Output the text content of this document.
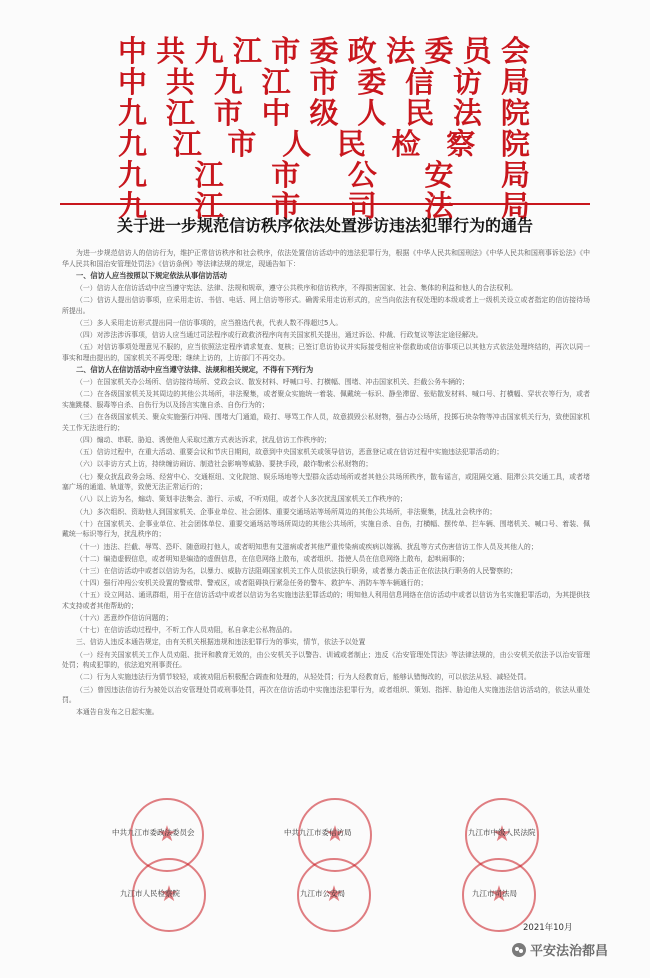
中 共 九 江 市 委 政 法 委 员 会
中 共 九 江 市 委 信 访 局
九 江 市 中 级 人 民 法 院
九 江 市 人 民 检 察 院
九 江 市 公 安 局
九 江 市 司 法 局
关于进一步规范信访秩序依法处置涉访违法犯罪行为的通告

为进一步规范信访人的信访行为，维护正常信访秩序和社会秩序，依法处置信访活动中的违法犯罪行为，根据《中华人民共和国刑法》《中华人民共和国刑事诉讼法》《中华人民共和国治安管理处罚法》《信访条例》等法律法规的规定，现通告如下：

一、信访人应当按照以下规定依法从事信访活动

（一）信访人在信访活动中应当遵守宪法、法律、法规和规章，遵守公共秩序和信访秩序，不得损害国家、社会、集体的利益和他人的合法权利。

（二）信访人提出信访事项，应采用走访、书信、电话、网上信访等形式。确需采用走访形式的，应当向依法有权处理的本级或者上一级机关设立或者指定的信访接待场所提出。

（三）多人采用走访形式提出同一信访事项的，应当推选代表，代表人数不得超过5人。

（四）对涉法涉诉事项，信访人应当通过司法程序或行政救济程序向有关国家机关提出，通过诉讼、仲裁、行政复议等法定途径解决。

（五）对信访事项处理意见不服的，应当依照法定程序请求复查、复核；已签订息访协议并实际接受相应补偿救助或信访事项已以其他方式依法处理终结的，再次以同一事实和理由提出的，国家机关不再受理；继续上访的，上访部门不再交办。

二、信访人在信访活动中应当遵守法律、法规和相关规定，不得有下列行为

（一）在国家机关办公场所、信访接待场所、党政会议、散发材料、呼喊口号、打横幅、围堵、冲击国家机关、拦截公务车辆的；

（二）在各级国家机关及其周边的其他公共场所，非法聚集，或者聚众实施统一着装、佩戴统一标识、静坐滞留、张贴散发材料、喊口号、打横幅、穿状衣等行为，或者实施跳楼、服毒等自杀、自伤行为以及扬言实施自杀、自伤行为的；

（三）在各级国家机关、聚众实施强行冲闯、围堵大门通道，殴打、辱骂工作人员，故意损毁公私财物，强占办公场所，投掷石块杂物等冲击国家机关行为，致使国家机关工作无法进行的；

（四）煽动、串联、胁迫、诱使他人采取过激方式表达诉求，扰乱信访工作秩序的；

（五）信访过程中，在重大活动、重要会议和节庆日期间，故意到中央国家机关或领导信访，恶意登记或在信访过程中实施违法犯罪活动的；

（六）以非访方式上访，持续缠访闹访、制造社会影响等威胁、要挟手段，敲诈勒索公私财物的；

（七）聚众扰乱政务会场、经营中心、交通枢纽、文化院馆、娱乐场地等大型群众活动场所或者其他公共场所秩序，散布谣言，或阻隔交通、阻滞公共交通工具，或者堵塞广场的通道、轨道等，致使无法正常运行的；

（八）以上访为名，煽动、策划非法集会、游行、示威，不听劝阻，或者个人多次扰乱国家机关工作秩序的；

（九）多次组织、资助他人到国家机关、企事业单位、社会团体、重要交通场站等场所周边的其他公共场所，非法聚集，扰乱社会秩序的；

（十）在国家机关、企事业单位、社会团体单位、重要交通场站等场所周边的其他公共场所，实施自杀、自伤，打横幅、摆传单、拦车辆、围堵机关、喊口号、着装、佩戴统一标识等行为，扰乱秩序的；

（十一）违法、拦截、辱骂、恐吓、随意殴打他人，或者明知患有艾滋病或者其他严重传染病或疾病以嫁祸、扰乱等方式伤害信访工作人员及其他人的；

（十二）编造虚假信息，或者明知是编造的虚假信息，在信息网络上散布，或者组织、指使人员在信息网络上散布，起哄闹事的；

（十三）在信访活动中或者以信访为名，以暴力、威胁方法阻碍国家机关工作人员依法执行职务，或者暴力袭击正在依法执行职务的人民警察的；

（十四）强行冲闯公安机关设置的警戒带、警戒区，或者阻碍执行紧急任务的警车、救护车、消防车等车辆通行的；

（十五）设立网站、通讯群组，用于在信访活动中或者以信访为名实施违法犯罪活动的；明知他人利用信息网络在信访活动中或者以信访为名实施犯罪活动，为其提供技术支持或者其他帮助的；

（十六）恶意炒作信访问题的；

（十七）在信访活动过程中，不听工作人员劝阻，私自拿走公私物品的。

三、信访人违反本通告规定，由有关机关根据违规和违法犯罪行为的事实，情节，依法予以处置

（一）经有关国家机关工作人员劝阻、批评和教育无效的，由公安机关予以警告、训诫或者制止；违反《治安管理处罚法》等法律法规的，由公安机关依法予以治安管理处罚；构成犯罪的，依法追究刑事责任。

（二）行为人实施违法行为情节较轻，或被劝阻后积极配合调查和处理的，从轻处罚；行为人经教育后，能够认错悔改的，可以依法从轻、减轻处罚。

（三）曾因违法信访行为被处以治安管理处罚或刑事处罚，再次在信访活动中实施违法犯罪行为，或者组织、策划、指挥、胁迫他人实施违法信访活动的，依法从重处罚。

本通告自发布之日起实施。

★
★
★
★
★
★
中共九江市委政法委员会	中共九江市委信访局	九江市中级人民法院
九江市人民检察院	九江市公安局	九江市司法局
2021年10月
平安法治都昌
